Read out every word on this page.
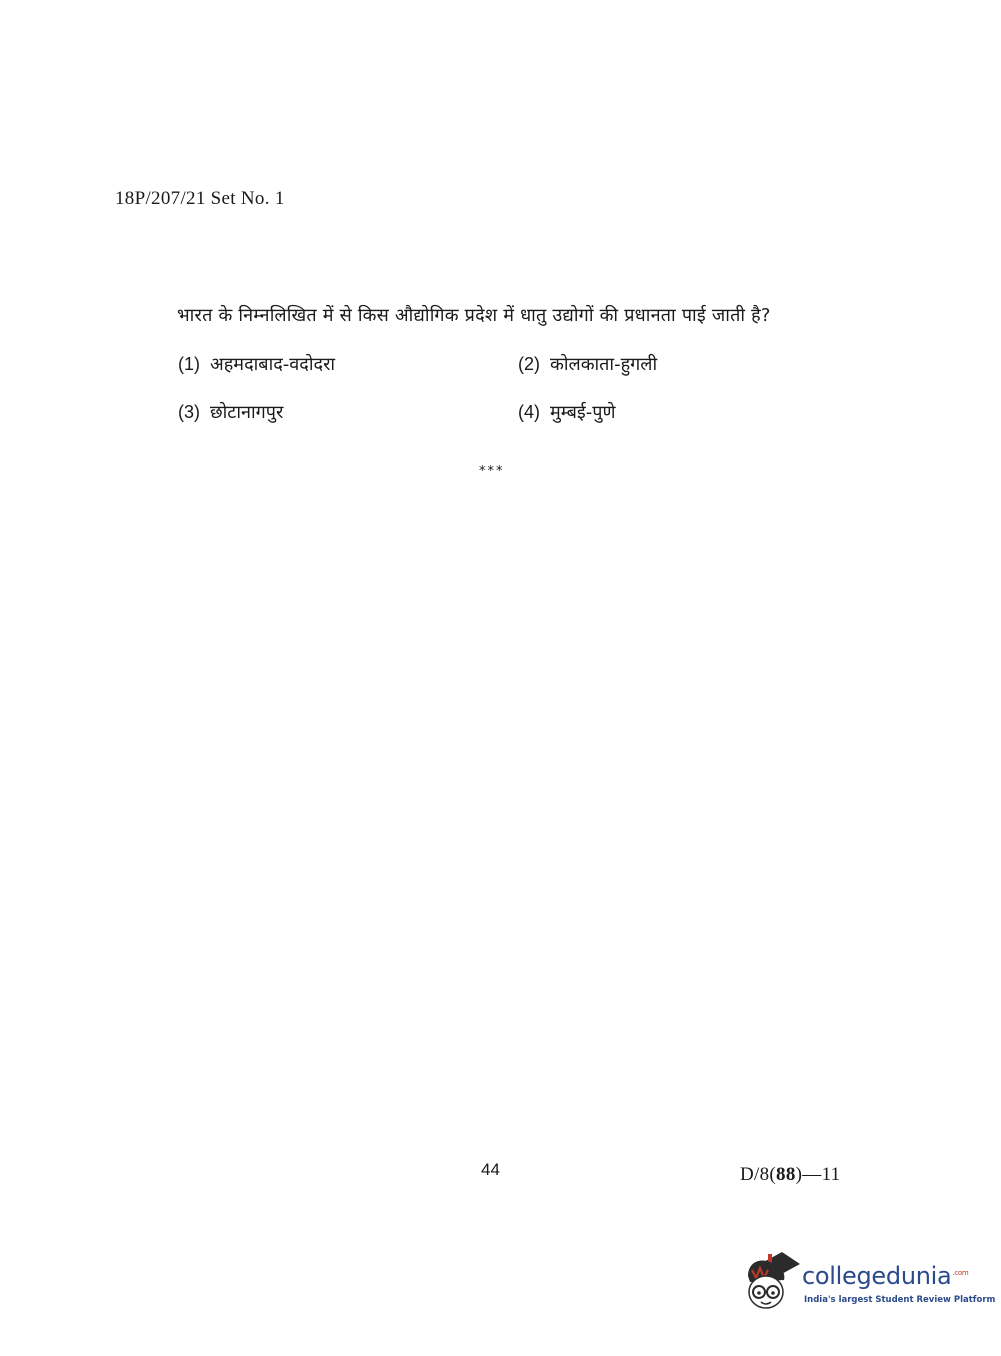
18P/207/21 Set No. 1
भारत के निम्नलिखित में से किस औद्योगिक प्रदेश में धातु उद्योगों की प्रधानता पाई जाती है?
(1) अहमदाबाद-वदोदरा	(2) कोलकाता-हुगली
(3) छोटानागपुर	(4) मुम्बई-पुणे
***
44	D/8(88)—11
collegedunia$^{.com}$
India's largest Student Review Platform
